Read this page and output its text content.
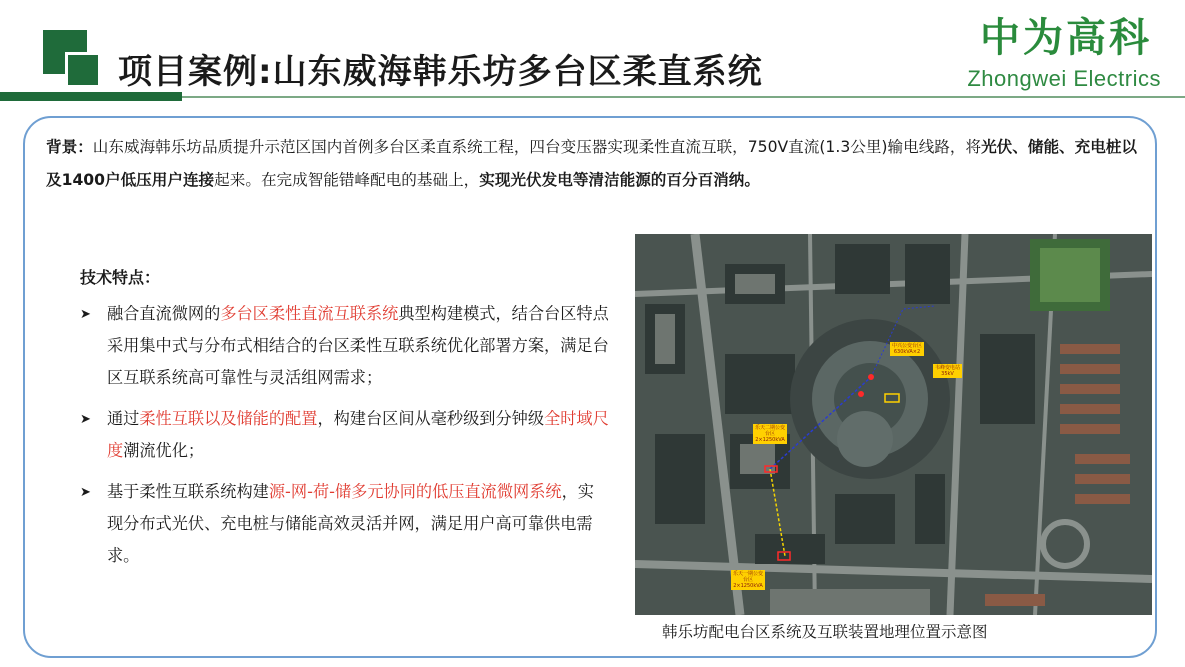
项目案例:山东威海韩乐坊多台区柔直系统
中为高科
Zhongwei Electrics

背景：山东威海韩乐坊品质提升示范区国内首例多台区柔直系统工程，四台变压器实现柔性直流互联，750V直流(1.3公里)输电线路，将光伏、储能、充电桩以及1400户低压用户连接起来。在完成智能错峰配电的基础上，实现光伏发电等清洁能源的百分百消纳。

技术特点：

➤ 融合直流微网的多台区柔性直流互联系统典型构建模式，结合台区特点采用集中式与分布式相结合的台区柔性互联系统优化部署方案，满足台区互联系统高可靠性与灵活组网需求；
➤ 通过柔性互联以及储能的配置，构建台区间从毫秒级到分钟级全时域尺度潮流优化；
➤ 基于柔性互联系统构建源-网-荷-储多元协同的低压直流微网系统，实现分布式光伏、充电桩与储能高效灵活并网，满足用户高可靠供电需求。
中兴公变台区
630kVA×2
韦峰变电站
35kV
乐天二期公变
台区
2×1250kVA
乐天一期公变
台区
2×1250kVA

韩乐坊配电台区系统及互联装置地理位置示意图
